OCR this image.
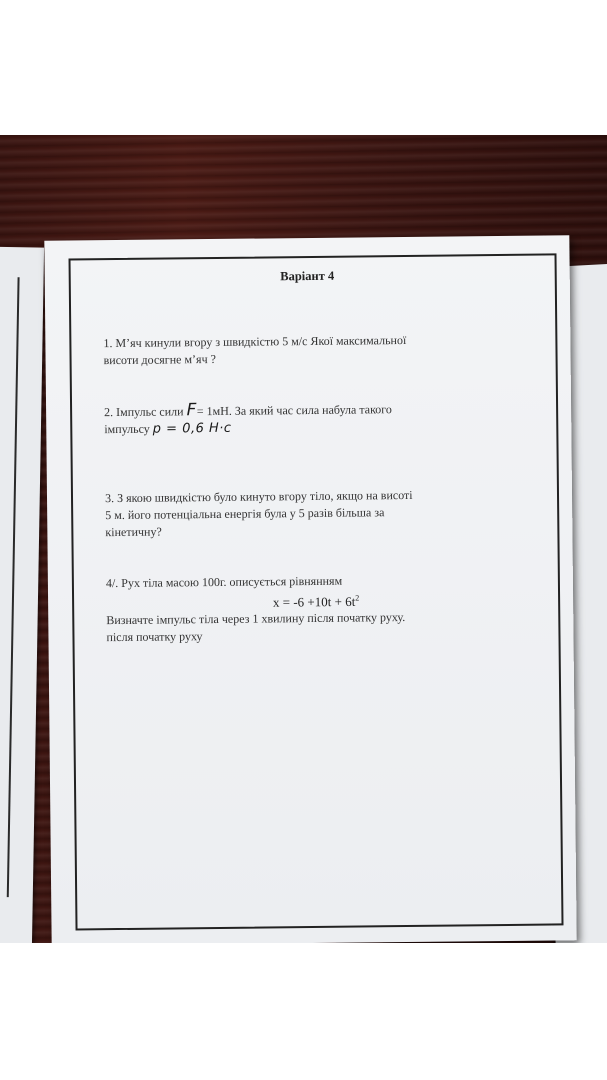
Варіант 4

1. М’яч кинули вгору з швидкістю 5 м/с Якої максимальної

висоти досягне м’яч ?

2. Імпульс сили F= 1мН. За який час сила набула такого

імпульсу p = 0,6 H·c

3. З якою швидкістю було кинуто вгору тіло, якщо на висоті

5 м. його потенціальна енергія була у 5 разів більша за

кінетичну?

4/. Рух тіла масою 100г. описується рівнянням

$x = -6 +10t + 6t^2$

Визначте імпульс тіла через 1 хвилину після початку руху.

після початку руху
